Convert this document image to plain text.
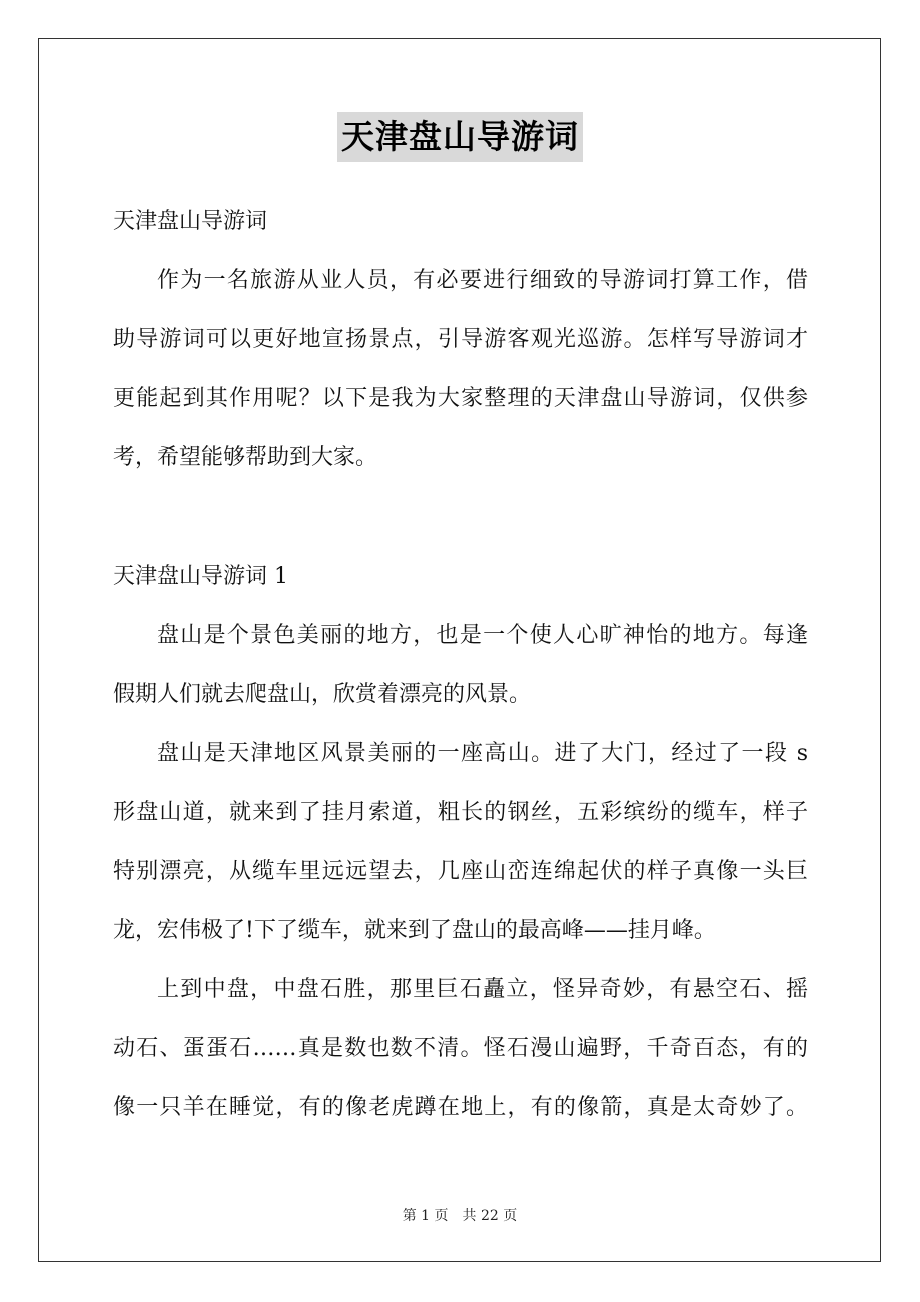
天津盘山导游词
天津盘山导游词
作为一名旅游从业人员，有必要进行细致的导游词打算工作，借
助导游词可以更好地宣扬景点，引导游客观光巡游。怎样写导游词才
更能起到其作用呢？以下是我为大家整理的天津盘山导游词，仅供参
考，希望能够帮助到大家。
天津盘山导游词 1
盘山是个景色美丽的地方，也是一个使人心旷神怡的地方。每逢
假期人们就去爬盘山，欣赏着漂亮的风景。
盘山是天津地区风景美丽的一座高山。进了大门，经过了一段 s
形盘山道，就来到了挂月索道，粗长的钢丝，五彩缤纷的缆车，样子
特别漂亮，从缆车里远远望去，几座山峦连绵起伏的样子真像一头巨
龙，宏伟极了!下了缆车，就来到了盘山的最高峰——挂月峰。
上到中盘，中盘石胜，那里巨石矗立，怪异奇妙，有悬空石、摇
动石、蛋蛋石……真是数也数不清。怪石漫山遍野，千奇百态，有的
像一只羊在睡觉，有的像老虎蹲在地上，有的像箭，真是太奇妙了。
第 1 页 共 22 页
